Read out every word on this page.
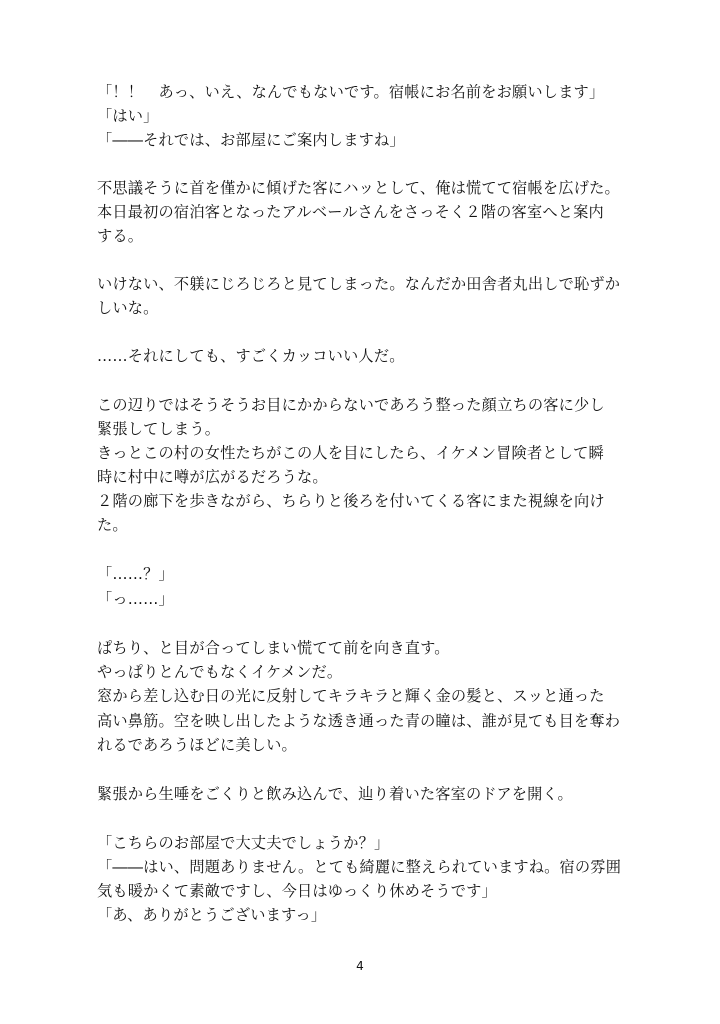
「！！　あっ、いえ、なんでもないです。宿帳にお名前をお願いします」
「はい」
「――それでは、お部屋にご案内しますね」
不思議そうに首を僅かに傾げた客にハッとして、俺は慌てて宿帳を広げた。
本日最初の宿泊客となったアルベールさんをさっそく２階の客室へと案内
する。
いけない、不躾にじろじろと見てしまった。なんだか田舎者丸出しで恥ずか
しいな。
……それにしても、すごくカッコいい人だ。
この辺りではそうそうお目にかからないであろう整った顔立ちの客に少し
緊張してしまう。
きっとこの村の女性たちがこの人を目にしたら、イケメン冒険者として瞬
時に村中に噂が広がるだろうな。
２階の廊下を歩きながら、ちらりと後ろを付いてくる客にまた視線を向け
た。
「……？」
「っ……」
ぱちり、と目が合ってしまい慌てて前を向き直す。
やっぱりとんでもなくイケメンだ。
窓から差し込む日の光に反射してキラキラと輝く金の髪と、スッと通った
高い鼻筋。空を映し出したような透き通った青の瞳は、誰が見ても目を奪わ
れるであろうほどに美しい。
緊張から生唾をごくりと飲み込んで、辿り着いた客室のドアを開く。
「こちらのお部屋で大丈夫でしょうか？」
「――はい、問題ありません。とても綺麗に整えられていますね。宿の雰囲
気も暖かくて素敵ですし、今日はゆっくり休めそうです」
「あ、ありがとうございますっ」
4
